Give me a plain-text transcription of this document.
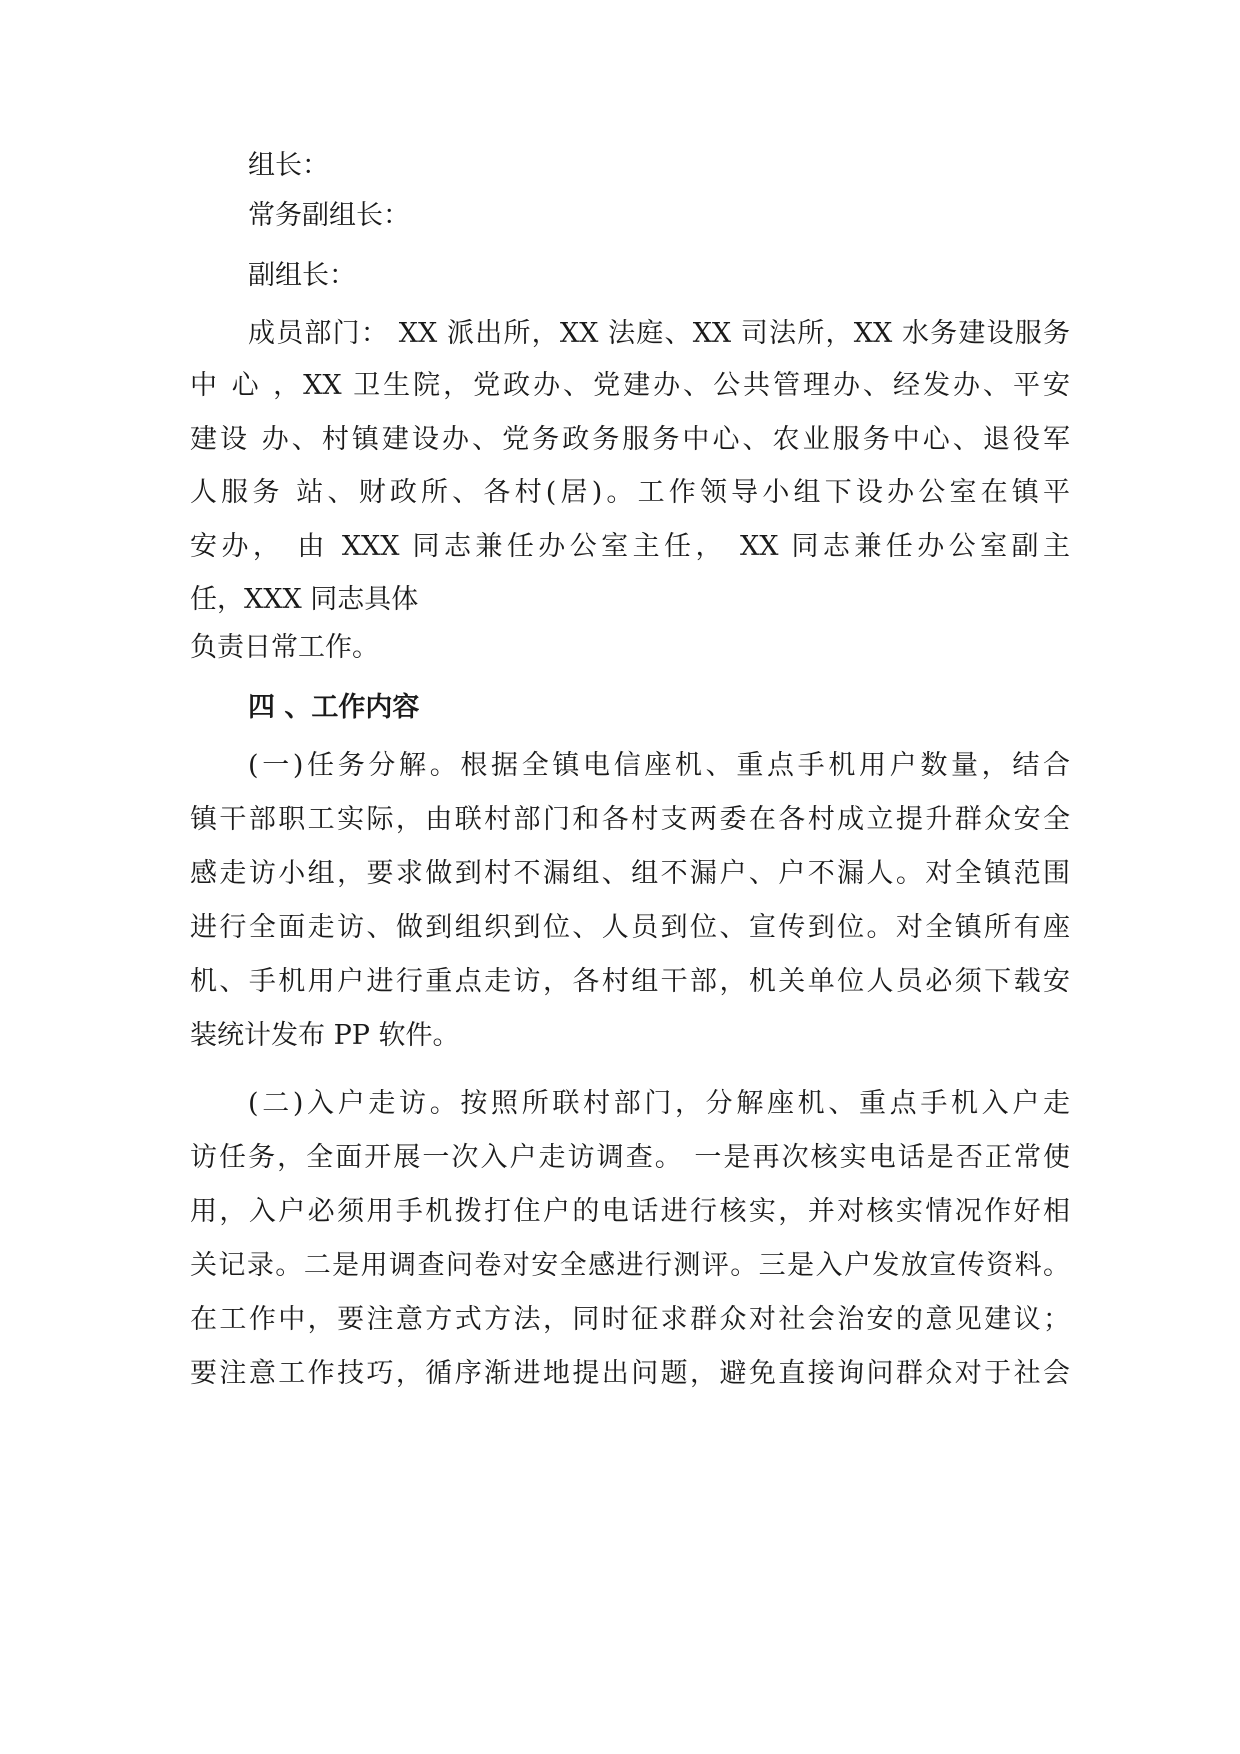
组长：
常务副组长：
副组长：
成员部门： XX 派出所，XX 法庭、XX 司法所，XX 水务建设服务
中 心 ，XX 卫生院，党政办、党建办、公共管理办、经发办、平安
建设 办、村镇建设办、党务政务服务中心、农业服务中心、退役军
人服务 站、财政所、各村(居)。工作领导小组下设办公室在镇平
安办， 由 XXX 同志兼任办公室主任， XX 同志兼任办公室副主
任，XXX 同志具体
负责日常工作。
四 、工作内容
(一)任务分解。根据全镇电信座机、重点手机用户数量，结合
镇干部职工实际，由联村部门和各村支两委在各村成立提升群众安全
感走访小组，要求做到村不漏组、组不漏户、户不漏人。对全镇范围
进行全面走访、做到组织到位、人员到位、宣传到位。对全镇所有座
机、手机用户进行重点走访，各村组干部，机关单位人员必须下载安
装统计发布 PP 软件。
(二)入户走访。按照所联村部门，分解座机、重点手机入户走
访任务，全面开展一次入户走访调查。 一是再次核实电话是否正常使
用，入户必须用手机拨打住户的电话进行核实，并对核实情况作好相
关记录。二是用调查问卷对安全感进行测评。三是入户发放宣传资料。
在工作中，要注意方式方法，同时征求群众对社会治安的意见建议；
要注意工作技巧，循序渐进地提出问题，避免直接询问群众对于社会
